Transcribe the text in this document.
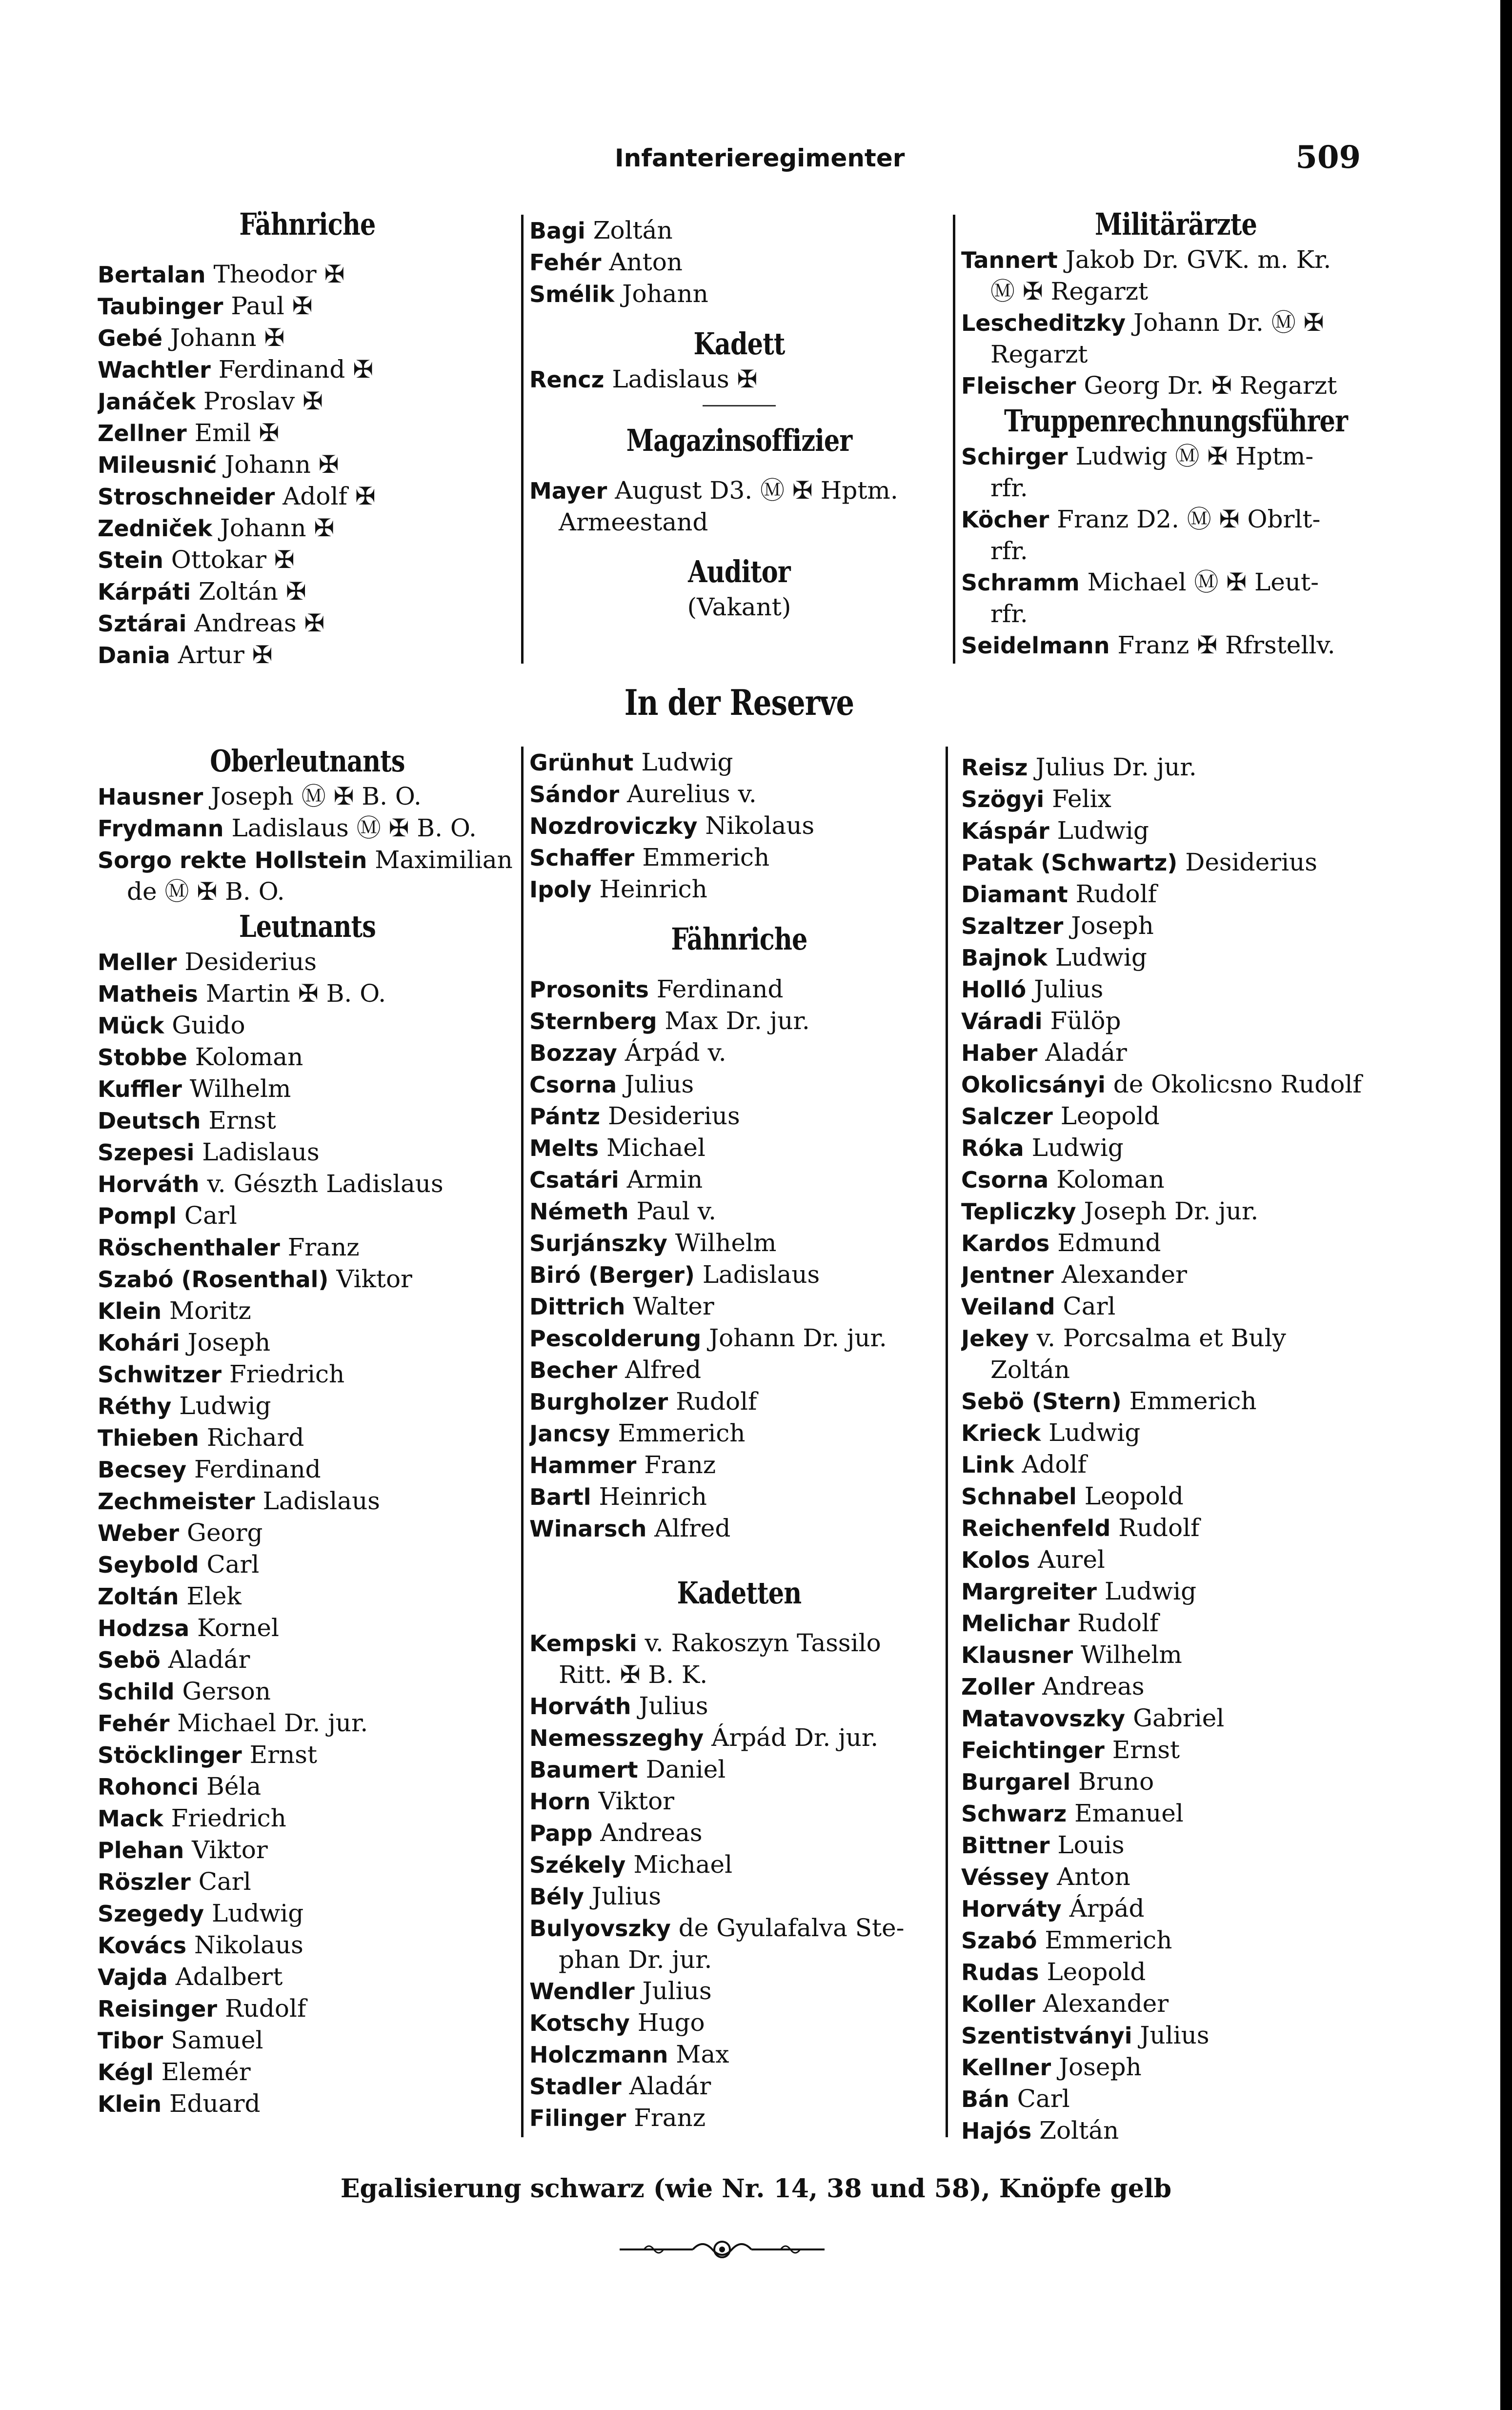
Infanterieregimenter	509
Fähnriche
Bertalan Theodor ✠
Taubinger Paul ✠
Gebé Johann ✠
Wachtler Ferdinand ✠
Janáček Proslav ✠
Zellner Emil ✠
Mileusnić Johann ✠
Stroschneider Adolf ✠
Zedniček Johann ✠
Stein Ottokar ✠
Kárpáti Zoltán ✠
Sztárai Andreas ✠
Dania Artur ✠
Bagi Zoltán
Fehér Anton
Smélik Johann
Kadett
Rencz Ladislaus ✠
Magazinsoffizier
Mayer August D3. Ⓜ ✠ Hptm.
Armeestand
Auditor
(Vakant)
Militärärzte
Tannert Jakob Dr. GVK. m. Kr.
Ⓜ ✠ Regarzt
Lescheditzky Johann Dr. Ⓜ ✠
Regarzt
Fleischer Georg Dr. ✠ Regarzt
Truppenrechnungsführer
Schirger Ludwig Ⓜ ✠ Hptm-
rfr.
Köcher Franz D2. Ⓜ ✠ Obrlt-
rfr.
Schramm Michael Ⓜ ✠ Leut-
rfr.
Seidelmann Franz ✠ Rfrstellv.
In der Reserve
Oberleutnants
Hausner Joseph Ⓜ ✠ B. O.
Frydmann Ladislaus Ⓜ ✠ B. O.
Sorgo rekte Hollstein Maximilian
de Ⓜ ✠ B. O.
Leutnants
Meller Desiderius
Matheis Martin ✠ B. O.
Mück Guido
Stobbe Koloman
Kuffler Wilhelm
Deutsch Ernst
Szepesi Ladislaus
Horváth v. Gészth Ladislaus
Pompl Carl
Röschenthaler Franz
Szabó (Rosenthal) Viktor
Klein Moritz
Kohári Joseph
Schwitzer Friedrich
Réthy Ludwig
Thieben Richard
Becsey Ferdinand
Zechmeister Ladislaus
Weber Georg
Seybold Carl
Zoltán Elek
Hodzsa Kornel
Sebö Aladár
Schild Gerson
Fehér Michael Dr. jur.
Stöcklinger Ernst
Rohonci Béla
Mack Friedrich
Plehan Viktor
Röszler Carl
Szegedy Ludwig
Kovács Nikolaus
Vajda Adalbert
Reisinger Rudolf
Tibor Samuel
Kégl Elemér
Klein Eduard
Grünhut Ludwig
Sándor Aurelius v.
Nozdroviczky Nikolaus
Schaffer Emmerich
Ipoly Heinrich
Fähnriche
Prosonits Ferdinand
Sternberg Max Dr. jur.
Bozzay Árpád v.
Csorna Julius
Pántz Desiderius
Melts Michael
Csatári Armin
Németh Paul v.
Surjánszky Wilhelm
Biró (Berger) Ladislaus
Dittrich Walter
Pescolderung Johann Dr. jur.
Becher Alfred
Burgholzer Rudolf
Jancsy Emmerich
Hammer Franz
Bartl Heinrich
Winarsch Alfred
Kadetten
Kempski v. Rakoszyn Tassilo
Ritt. ✠ B. K.
Horváth Julius
Nemesszeghy Árpád Dr. jur.
Baumert Daniel
Horn Viktor
Papp Andreas
Székely Michael
Bély Julius
Bulyovszky de Gyulafalva Ste-
phan Dr. jur.
Wendler Julius
Kotschy Hugo
Holczmann Max
Stadler Aladár
Filinger Franz
Reisz Julius Dr. jur.
Szögyi Felix
Káspár Ludwig
Patak (Schwartz) Desiderius
Diamant Rudolf
Szaltzer Joseph
Bajnok Ludwig
Holló Julius
Váradi Fülöp
Haber Aladár
Okolicsányi de Okolicsno Rudolf
Salczer Leopold
Róka Ludwig
Csorna Koloman
Tepliczky Joseph Dr. jur.
Kardos Edmund
Jentner Alexander
Veiland Carl
Jekey v. Porcsalma et Buly
Zoltán
Sebö (Stern) Emmerich
Krieck Ludwig
Link Adolf
Schnabel Leopold
Reichenfeld Rudolf
Kolos Aurel
Margreiter Ludwig
Melichar Rudolf
Klausner Wilhelm
Zoller Andreas
Matavovszky Gabriel
Feichtinger Ernst
Burgarel Bruno
Schwarz Emanuel
Bittner Louis
Véssey Anton
Horváty Árpád
Szabó Emmerich
Rudas Leopold
Koller Alexander
Szentistványi Julius
Kellner Joseph
Bán Carl
Hajós Zoltán
Egalisierung schwarz (wie Nr. 14, 38 und 58), Knöpfe gelb
